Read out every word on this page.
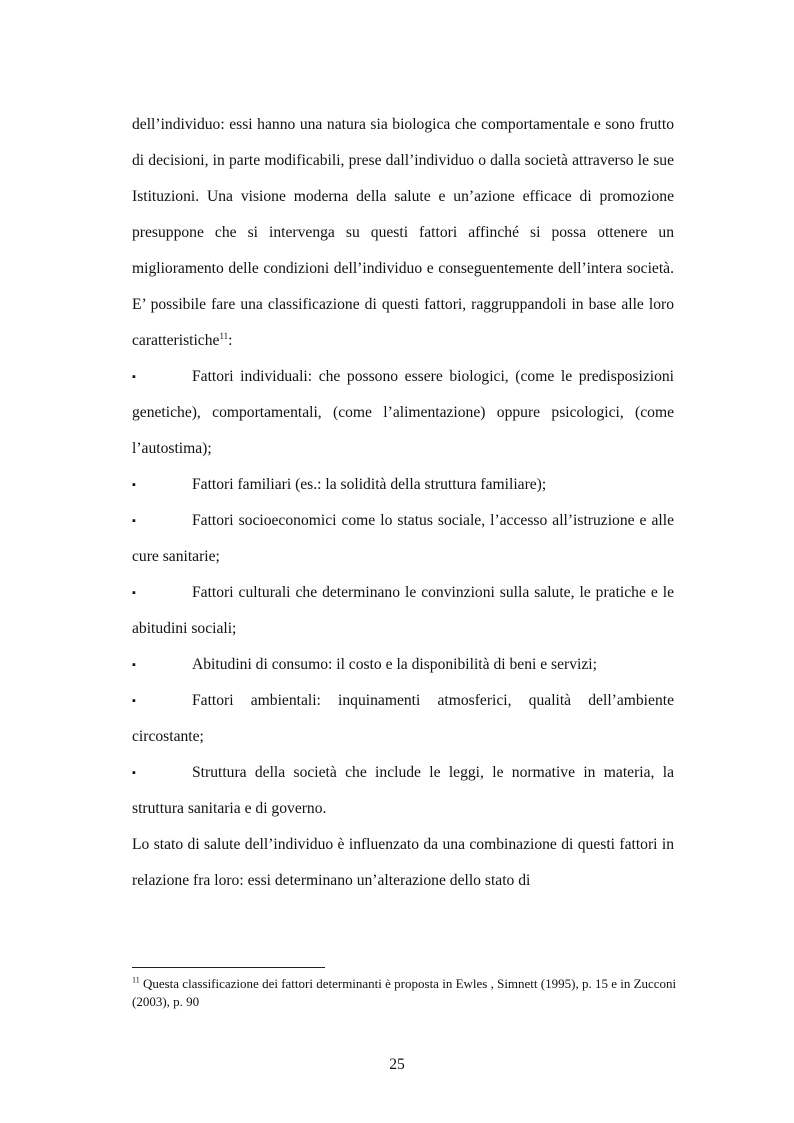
dell’individuo: essi hanno una natura sia biologica che comportamentale e sono frutto di decisioni, in parte modificabili, prese dall’individuo o dalla società attraverso le sue Istituzioni. Una visione moderna della salute e un’azione efficace di promozione presuppone che si intervenga su questi fattori affinché si possa ottenere un miglioramento delle condizioni dell’individuo e conseguentemente dell’intera società. E’ possibile fare una classificazione di questi fattori, raggruppandoli in base alle loro caratteristiche$^{11}$:

▪	Fattori individuali: che possono essere biologici, (come le predisposizioni genetiche), comportamentali, (come l’alimentazione) oppure psicologici, (come l’autostima);

▪	Fattori familiari (es.: la solidità della struttura familiare);

▪	Fattori socioeconomici come lo status sociale, l’accesso all’istruzione e alle cure sanitarie;

▪	Fattori culturali che determinano le convinzioni sulla salute, le pratiche e le abitudini sociali;

▪	Abitudini di consumo: il costo e la disponibilità di beni e servizi;

▪	Fattori ambientali: inquinamenti atmosferici, qualità dell’ambiente circostante;

▪	Struttura della società che include le leggi, le normative in materia, la struttura sanitaria e di governo.

Lo stato di salute dell’individuo è influenzato da una combinazione di questi fattori in relazione fra loro: essi determinano un’alterazione dello stato di

$^{11}$ Questa classificazione dei fattori determinanti è proposta in Ewles , Simnett (1995), p. 15 e in Zucconi (2003), p. 90
25
